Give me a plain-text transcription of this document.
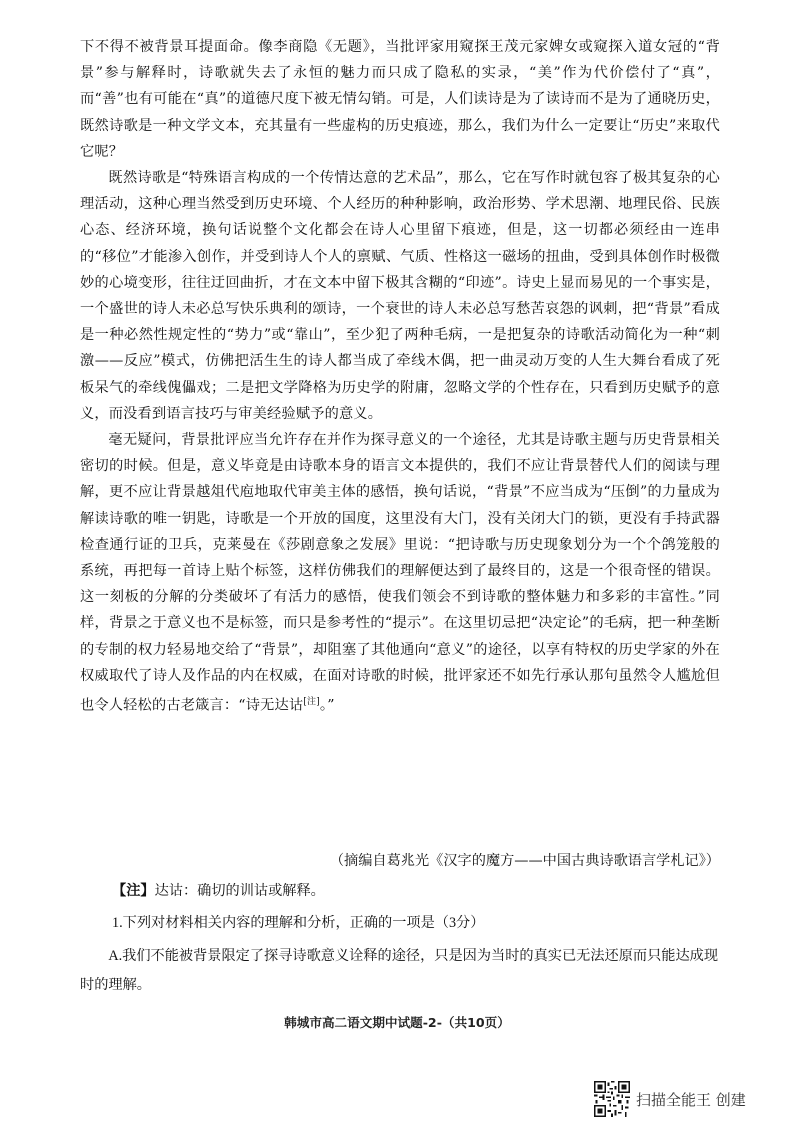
下不得不被背景耳提面命。像李商隐《无题》，当批评家用窥探王茂元家婢女或窥探入道女冠的“背景”参与解释时，诗歌就失去了永恒的魅力而只成了隐私的实录，“美”作为代价偿付了“真”，而“善”也有可能在“真”的道德尺度下被无情勾销。可是，人们读诗是为了读诗而不是为了通晓历史，既然诗歌是一种文学文本，充其量有一些虚构的历史痕迹，那么，我们为什么一定要让“历史”来取代它呢？

既然诗歌是“特殊语言构成的一个传情达意的艺术品”，那么，它在写作时就包容了极其复杂的心理活动，这种心理当然受到历史环境、个人经历的种种影响，政治形势、学术思潮、地理民俗、民族心态、经济环境，换句话说整个文化都会在诗人心里留下痕迹，但是，这一切都必须经由一连串的“移位”才能渗入创作，并受到诗人个人的禀赋、气质、性格这一磁场的扭曲，受到具体创作时极微妙的心境变形，往往迂回曲折，才在文本中留下极其含糊的“印迹”。诗史上显而易见的一个事实是，一个盛世的诗人未必总写快乐典利的颂诗，一个衰世的诗人未必总写愁苦哀怨的讽刺，把“背景”看成是一种必然性规定性的“势力”或“靠山”，至少犯了两种毛病，一是把复杂的诗歌活动简化为一种“刺激——反应”模式，仿佛把活生生的诗人都当成了牵线木偶，把一曲灵动万变的人生大舞台看成了死板呆气的牵线傀儡戏；二是把文学降格为历史学的附庸，忽略文学的个性存在，只看到历史赋予的意义，而没看到语言技巧与审美经验赋予的意义。

毫无疑问，背景批评应当允许存在并作为探寻意义的一个途径，尤其是诗歌主题与历史背景相关密切的时候。但是，意义毕竟是由诗歌本身的语言文本提供的，我们不应让背景替代人们的阅读与理解，更不应让背景越俎代庖地取代审美主体的感悟，换句话说，“背景”不应当成为“压倒”的力量成为解读诗歌的唯一钥匙，诗歌是一个开放的国度，这里没有大门，没有关闭大门的锁，更没有手持武器检查通行证的卫兵，克莱曼在《莎剧意象之发展》里说：“把诗歌与历史现象划分为一个个鸽笼般的系统，再把每一首诗上贴个标签，这样仿佛我们的理解便达到了最终目的，这是一个很奇怪的错误。这一刻板的分解的分类破坏了有活力的感悟，使我们领会不到诗歌的整体魅力和多彩的丰富性。”同样，背景之于意义也不是标签，而只是参考性的“提示”。在这里切忌把“决定论”的毛病，把一种垄断的专制的权力轻易地交给了“背景”，却阻塞了其他通向“意义”的途径，以享有特权的历史学家的外在权威取代了诗人及作品的内在权威，在面对诗歌的时候，批评家还不如先行承认那句虽然令人尴尬但也令人轻松的古老箴言：“诗无达诂[注]。”

（摘编自葛兆光《汉字的魔方——中国古典诗歌语言学札记》）
【注】达诂：确切的训诂或解释。
1.下列对材料相关内容的理解和分析，正确的一项是（3分）
A.我们不能被背景限定了探寻诗歌意义诠释的途径，只是因为当时的真实已无法还原而只能达成现时的理解。
韩城市高二语文期中试题-2-（共10页）
扫描全能王 创建
